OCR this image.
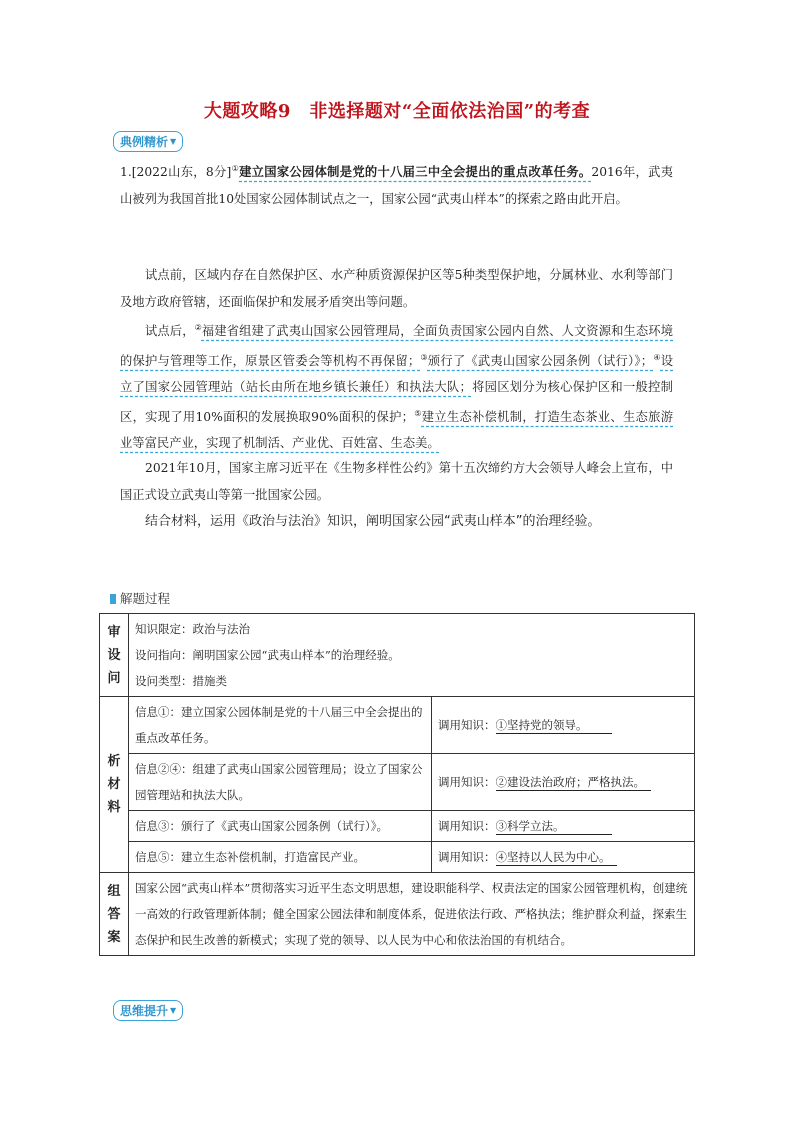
大题攻略9　非选择题对“全面依法治国”的考查
典例精析 ▼
1.[2022山东，8分]①建立国家公园体制是党的十八届三中全会提出的重点改革任务。2016年，武夷山被列为我国首批10处国家公园体制试点之一，国家公园“武夷山样本”的探索之路由此开启。
试点前，区域内存在自然保护区、水产种质资源保护区等5种类型保护地，分属林业、水利等部门及地方政府管辖，还面临保护和发展矛盾突出等问题。
试点后，②福建省组建了武夷山国家公园管理局，全面负责国家公园内自然、人文资源和生态环境的保护与管理等工作，原景区管委会等机构不再保留；③颁行了《武夷山国家公园条例（试行）》；④设立了国家公园管理站（站长由所在地乡镇长兼任）和执法大队；将园区划分为核心保护区和一般控制区，实现了用10%面积的发展换取90%面积的保护；⑤建立生态补偿机制，打造生态茶业、生态旅游业等富民产业，实现了机制活、产业优、百姓富、生态美。
2021年10月，国家主席习近平在《生物多样性公约》第十五次缔约方大会领导人峰会上宣布，中国正式设立武夷山等第一批国家公园。
结合材料，运用《政治与法治》知识，阐明国家公园“武夷山样本”的治理经验。
解题过程
审设问	知识限定：政治与法治
设问指向：阐明国家公园“武夷山样本”的治理经验。
设问类型：措施类	

析材料	信息①：建立国家公园体制是党的十八届三中全会提出的重点改革任务。	调用知识：①坚持党的领导。
	信息②④：组建了武夷山国家公园管理局；设立了国家公园管理站和执法大队。	调用知识：②建设法治政府；严格执法。
	信息③：颁行了《武夷山国家公园条例（试行）》。	调用知识：③科学立法。
	信息⑤：建立生态补偿机制，打造富民产业。	调用知识：④坚持以人民为中心。
组答案	国家公园“武夷山样本”贯彻落实习近平生态文明思想，建设职能科学、权责法定的国家公园管理机构，创建统一高效的行政管理新体制；健全国家公园法律和制度体系，促进依法行政、严格执法；维护群众利益，探索生态保护和民生改善的新模式；实现了党的领导、以人民为中心和依法治国的有机结合。	
思维提升 ▼
